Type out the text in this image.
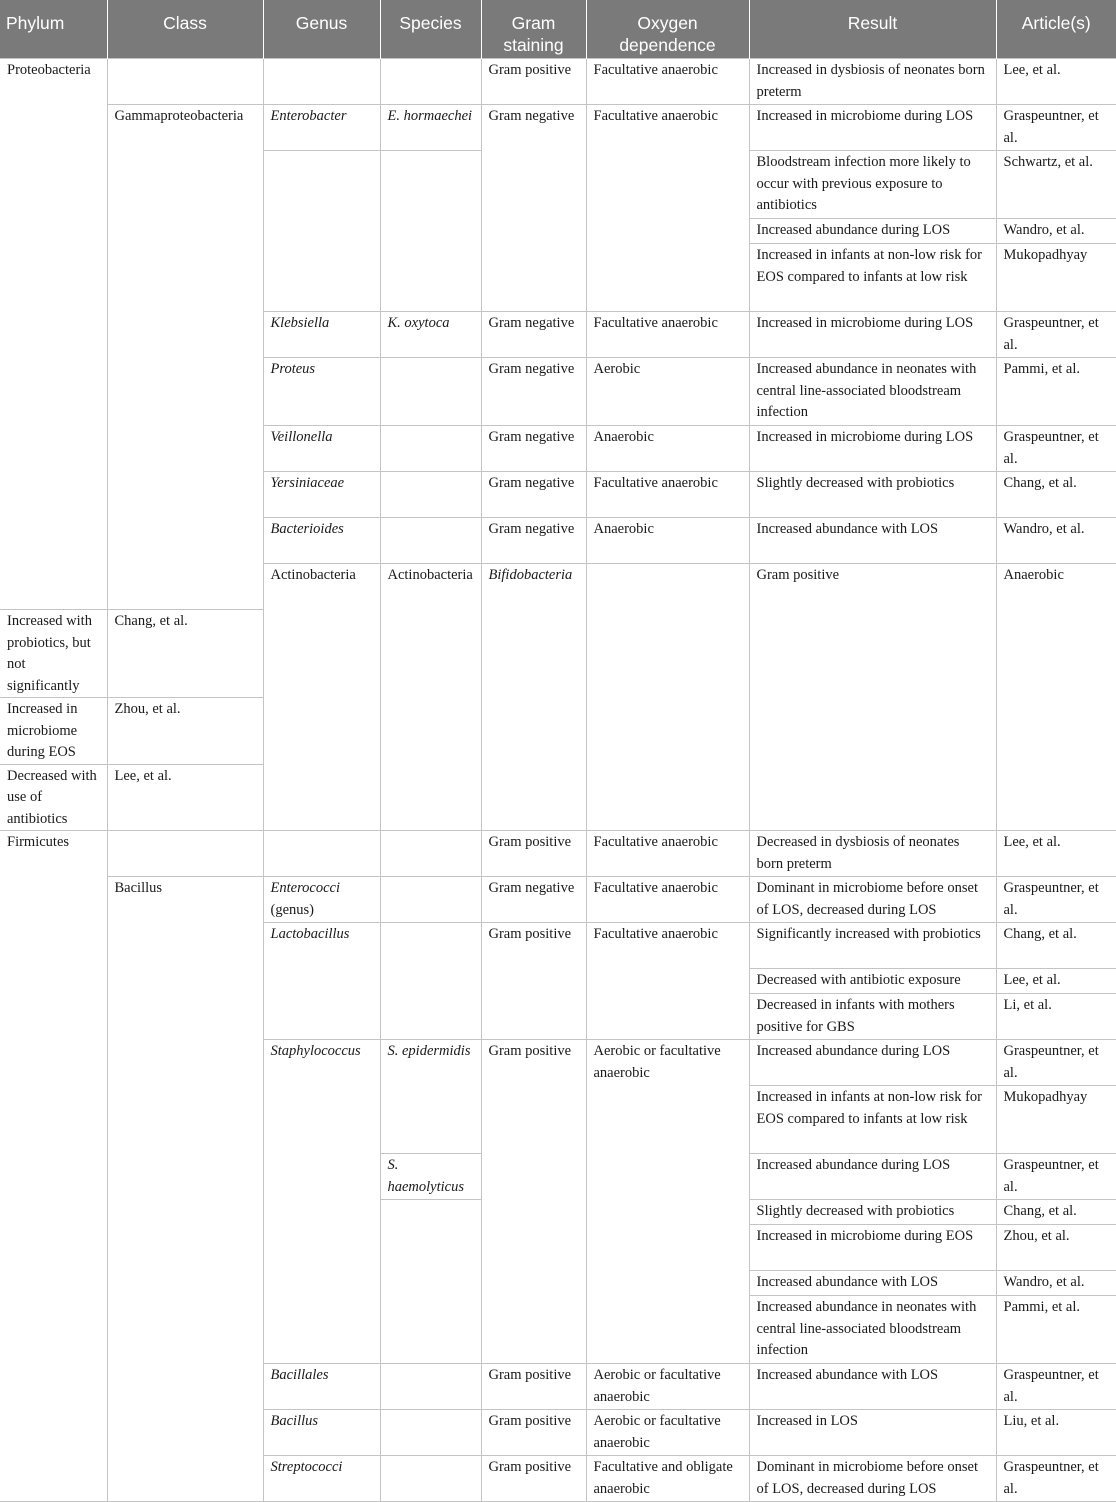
Phylum	Class	Genus	Species	Gram staining	Oxygen dependence	Result	Article(s)
Proteobacteria				Gram positive	Facultative anaerobic	Increased in dysbiosis of neonates born preterm	Lee, et al.
	Gammaproteobacteria	Enterobacter	E. hormaechei	Gram negative	Facultative anaerobic	Increased in microbiome during LOS	Graspeuntner, et al.
						Bloodstream infection more likely to occur with previous exposure to antibiotics	Schwartz, et al.
						Increased abundance during LOS	Wandro, et al.
						Increased in infants at non-low risk for EOS compared to infants at low risk	Mukopadhyay
		Klebsiella	K. oxytoca	Gram negative	Facultative anaerobic	Increased in microbiome during LOS	Graspeuntner, et al.
		Proteus		Gram negative	Aerobic	Increased abundance in neonates with central line-associated bloodstream infection	Pammi, et al.
		Veillonella		Gram negative	Anaerobic	Increased in microbiome during LOS	Graspeuntner, et al.
		Yersiniaceae		Gram negative	Facultative anaerobic	Slightly decreased with probiotics	Chang, et al.
		Bacterioides		Gram negative	Anaerobic	Increased abundance with LOS	Wandro, et al.
		Actinobacteria	Actinobacteria	Bifidobacteria		Gram positive	Anaerobic
Increased with probiotics, but not significantly	Chang, et al.						
Increased in microbiome during EOS	Zhou, et al.						
Decreased with use of antibiotics	Lee, et al.						
Firmicutes				Gram positive	Facultative anaerobic	Decreased in dysbiosis of neonates born preterm	Lee, et al.
	Bacillus	Enterococci (genus)		Gram negative	Facultative anaerobic	Dominant in microbiome before onset of LOS, decreased during LOS	Graspeuntner, et al.
		Lactobacillus		Gram positive	Facultative anaerobic	Significantly increased with probiotics	Chang, et al.
						Decreased with antibiotic exposure	Lee, et al.
						Decreased in infants with mothers positive for GBS	Li, et al.
		Staphylococcus	S. epidermidis	Gram positive	Aerobic or facultative anaerobic	Increased abundance during LOS	Graspeuntner, et al.
						Increased in infants at non-low risk for EOS compared to infants at low risk	Mukopadhyay
			S. haemolyticus			Increased abundance during LOS	Graspeuntner, et al.
						Slightly decreased with probiotics	Chang, et al.
						Increased in microbiome during EOS	Zhou, et al.
						Increased abundance with LOS	Wandro, et al.
						Increased abundance in neonates with central line-associated bloodstream infection	Pammi, et al.
		Bacillales		Gram positive	Aerobic or facultative anaerobic	Increased abundance with LOS	Graspeuntner, et al.
		Bacillus		Gram positive	Aerobic or facultative anaerobic	Increased in LOS	Liu, et al.
		Streptococci		Gram positive	Facultative and obligate anaerobic	Dominant in microbiome before onset of LOS, decreased during LOS	Graspeuntner, et al.
